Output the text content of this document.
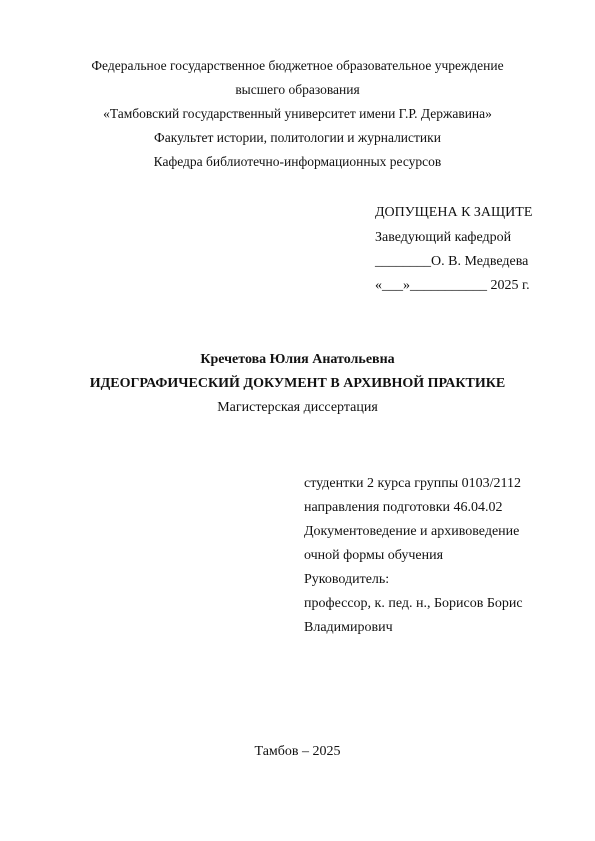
Федеральное государственное бюджетное образовательное учреждение
высшего образования
«Тамбовский государственный университет имени Г.Р. Державина»
Факультет истории, политологии и журналистики
Кафедра библиотечно-информационных ресурсов
ДОПУЩЕНА К ЗАЩИТЕ
Заведующий кафедрой
________О. В. Медведева
«___»___________ 2025 г.
Кречетова Юлия Анатольевна
ИДЕОГРАФИЧЕСКИЙ ДОКУМЕНТ В АРХИВНОЙ ПРАКТИКЕ
Магистерская диссертация
студентки 2 курса группы 0103/2112
направления подготовки 46.04.02
Документоведение и архивоведение
очной формы обучения
Руководитель:
профессор, к. пед. н., Борисов Борис
Владимирович
Тамбов – 2025
